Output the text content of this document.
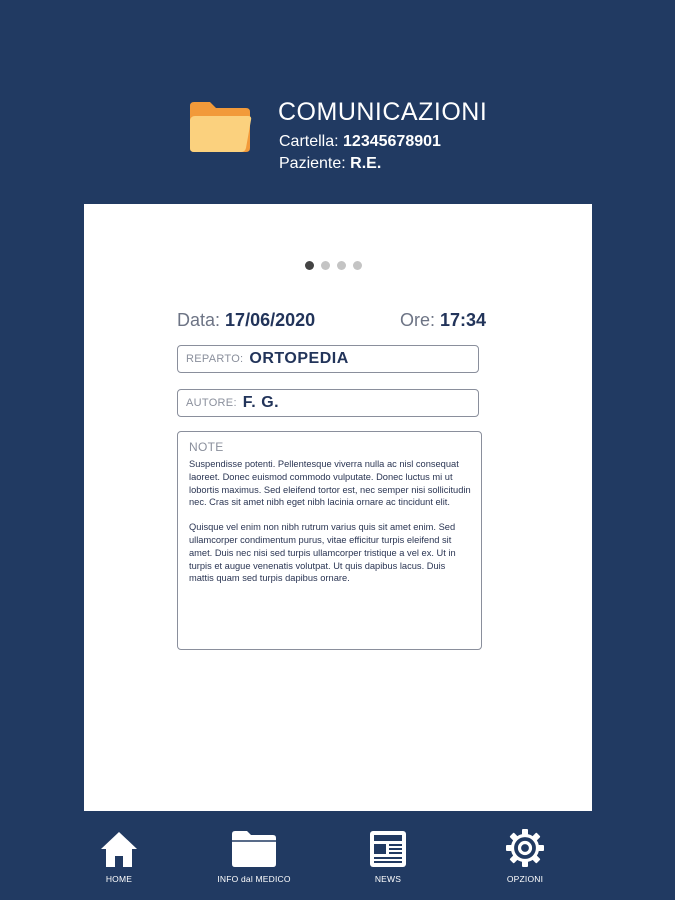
COMUNICAZIONI
Cartella: 12345678901
Paziente: R.E.
Data: 17/06/2020	Ore: 17:34
REPARTO: ORTOPEDIA
AUTORE: F. G.
NOTE

Suspendisse potenti. Pellentesque viverra nulla ac nisl consequat laoreet. Donec euismod commodo vulputate. Donec luctus mi ut lobortis maximus. Sed eleifend tortor est, nec semper nisi sollicitudin nec. Cras sit amet nibh eget nibh lacinia ornare ac tincidunt elit.

Quisque vel enim non nibh rutrum varius quis sit amet enim. Sed ullamcorper condimentum purus, vitae efficitur turpis eleifend sit amet. Duis nec nisi sed turpis ullamcorper tristique a vel ex. Ut in turpis et augue venenatis volutpat. Ut quis dapibus lacus. Duis mattis quam sed turpis dapibus ornare.

HOME	INFO dal MEDICO	NEWS	OPZIONI
